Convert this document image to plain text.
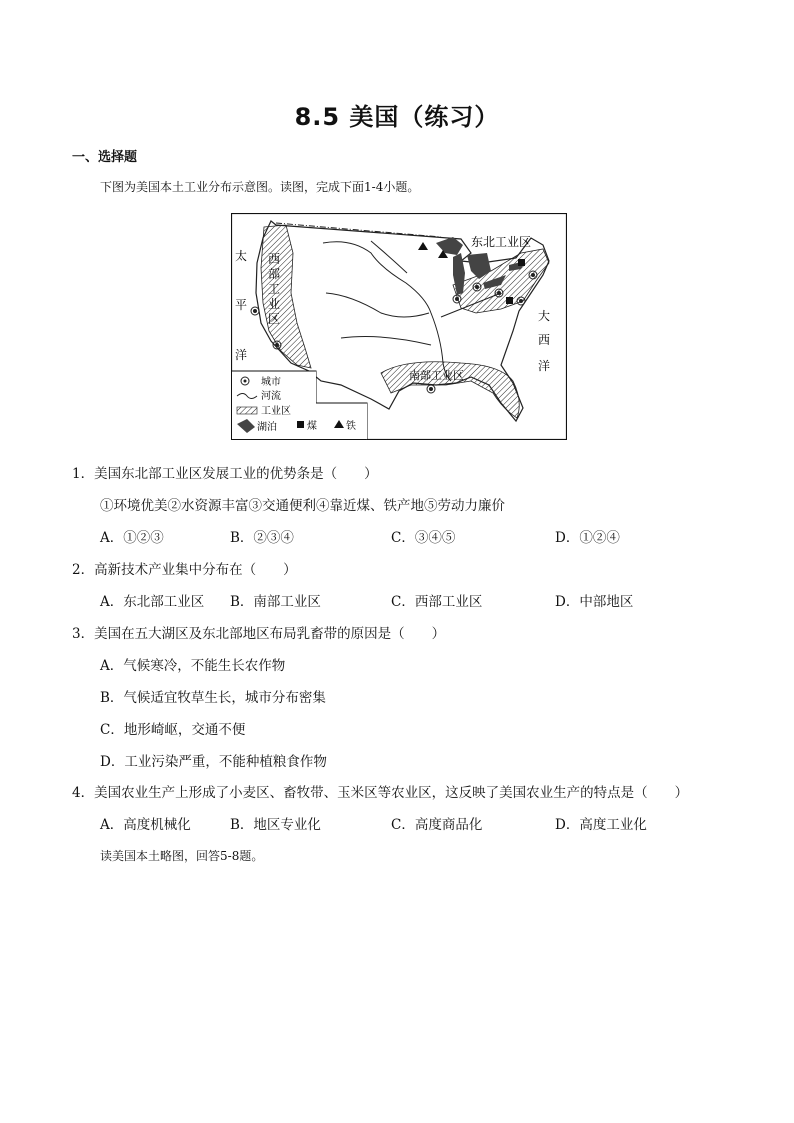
8.5 美国（练习）
一、选择题
下图为美国本土工业分布示意图。读图，完成下面1-4小题。
东北工业区
南部工业区
西
部
工
业
区
太
平
洋
大
西
洋
城市
河流
工业区
湖泊	煤	铁
1．美国东北部工业区发展工业的优势条是（　　）
①环境优美②水资源丰富③交通便利④靠近煤、铁产地⑤劳动力廉价
A．①②③	B．②③④	C．③④⑤	D．①②④
2．高新技术产业集中分布在（　　）
A．东北部工业区 B．南部工业区	C．西部工业区	D．中部地区
3．美国在五大湖区及东北部地区布局乳畜带的原因是（　　）
A．气候寒冷，不能生长农作物
B．气候适宜牧草生长，城市分布密集
C．地形崎岖，交通不便
D．工业污染严重，不能种植粮食作物
4．美国农业生产上形成了小麦区、畜牧带、玉米区等农业区，这反映了美国农业生产的特点是（　　）
A．高度机械化	B．地区专业化	C．高度商品化	D．高度工业化
读美国本土略图，回答5-8题。
